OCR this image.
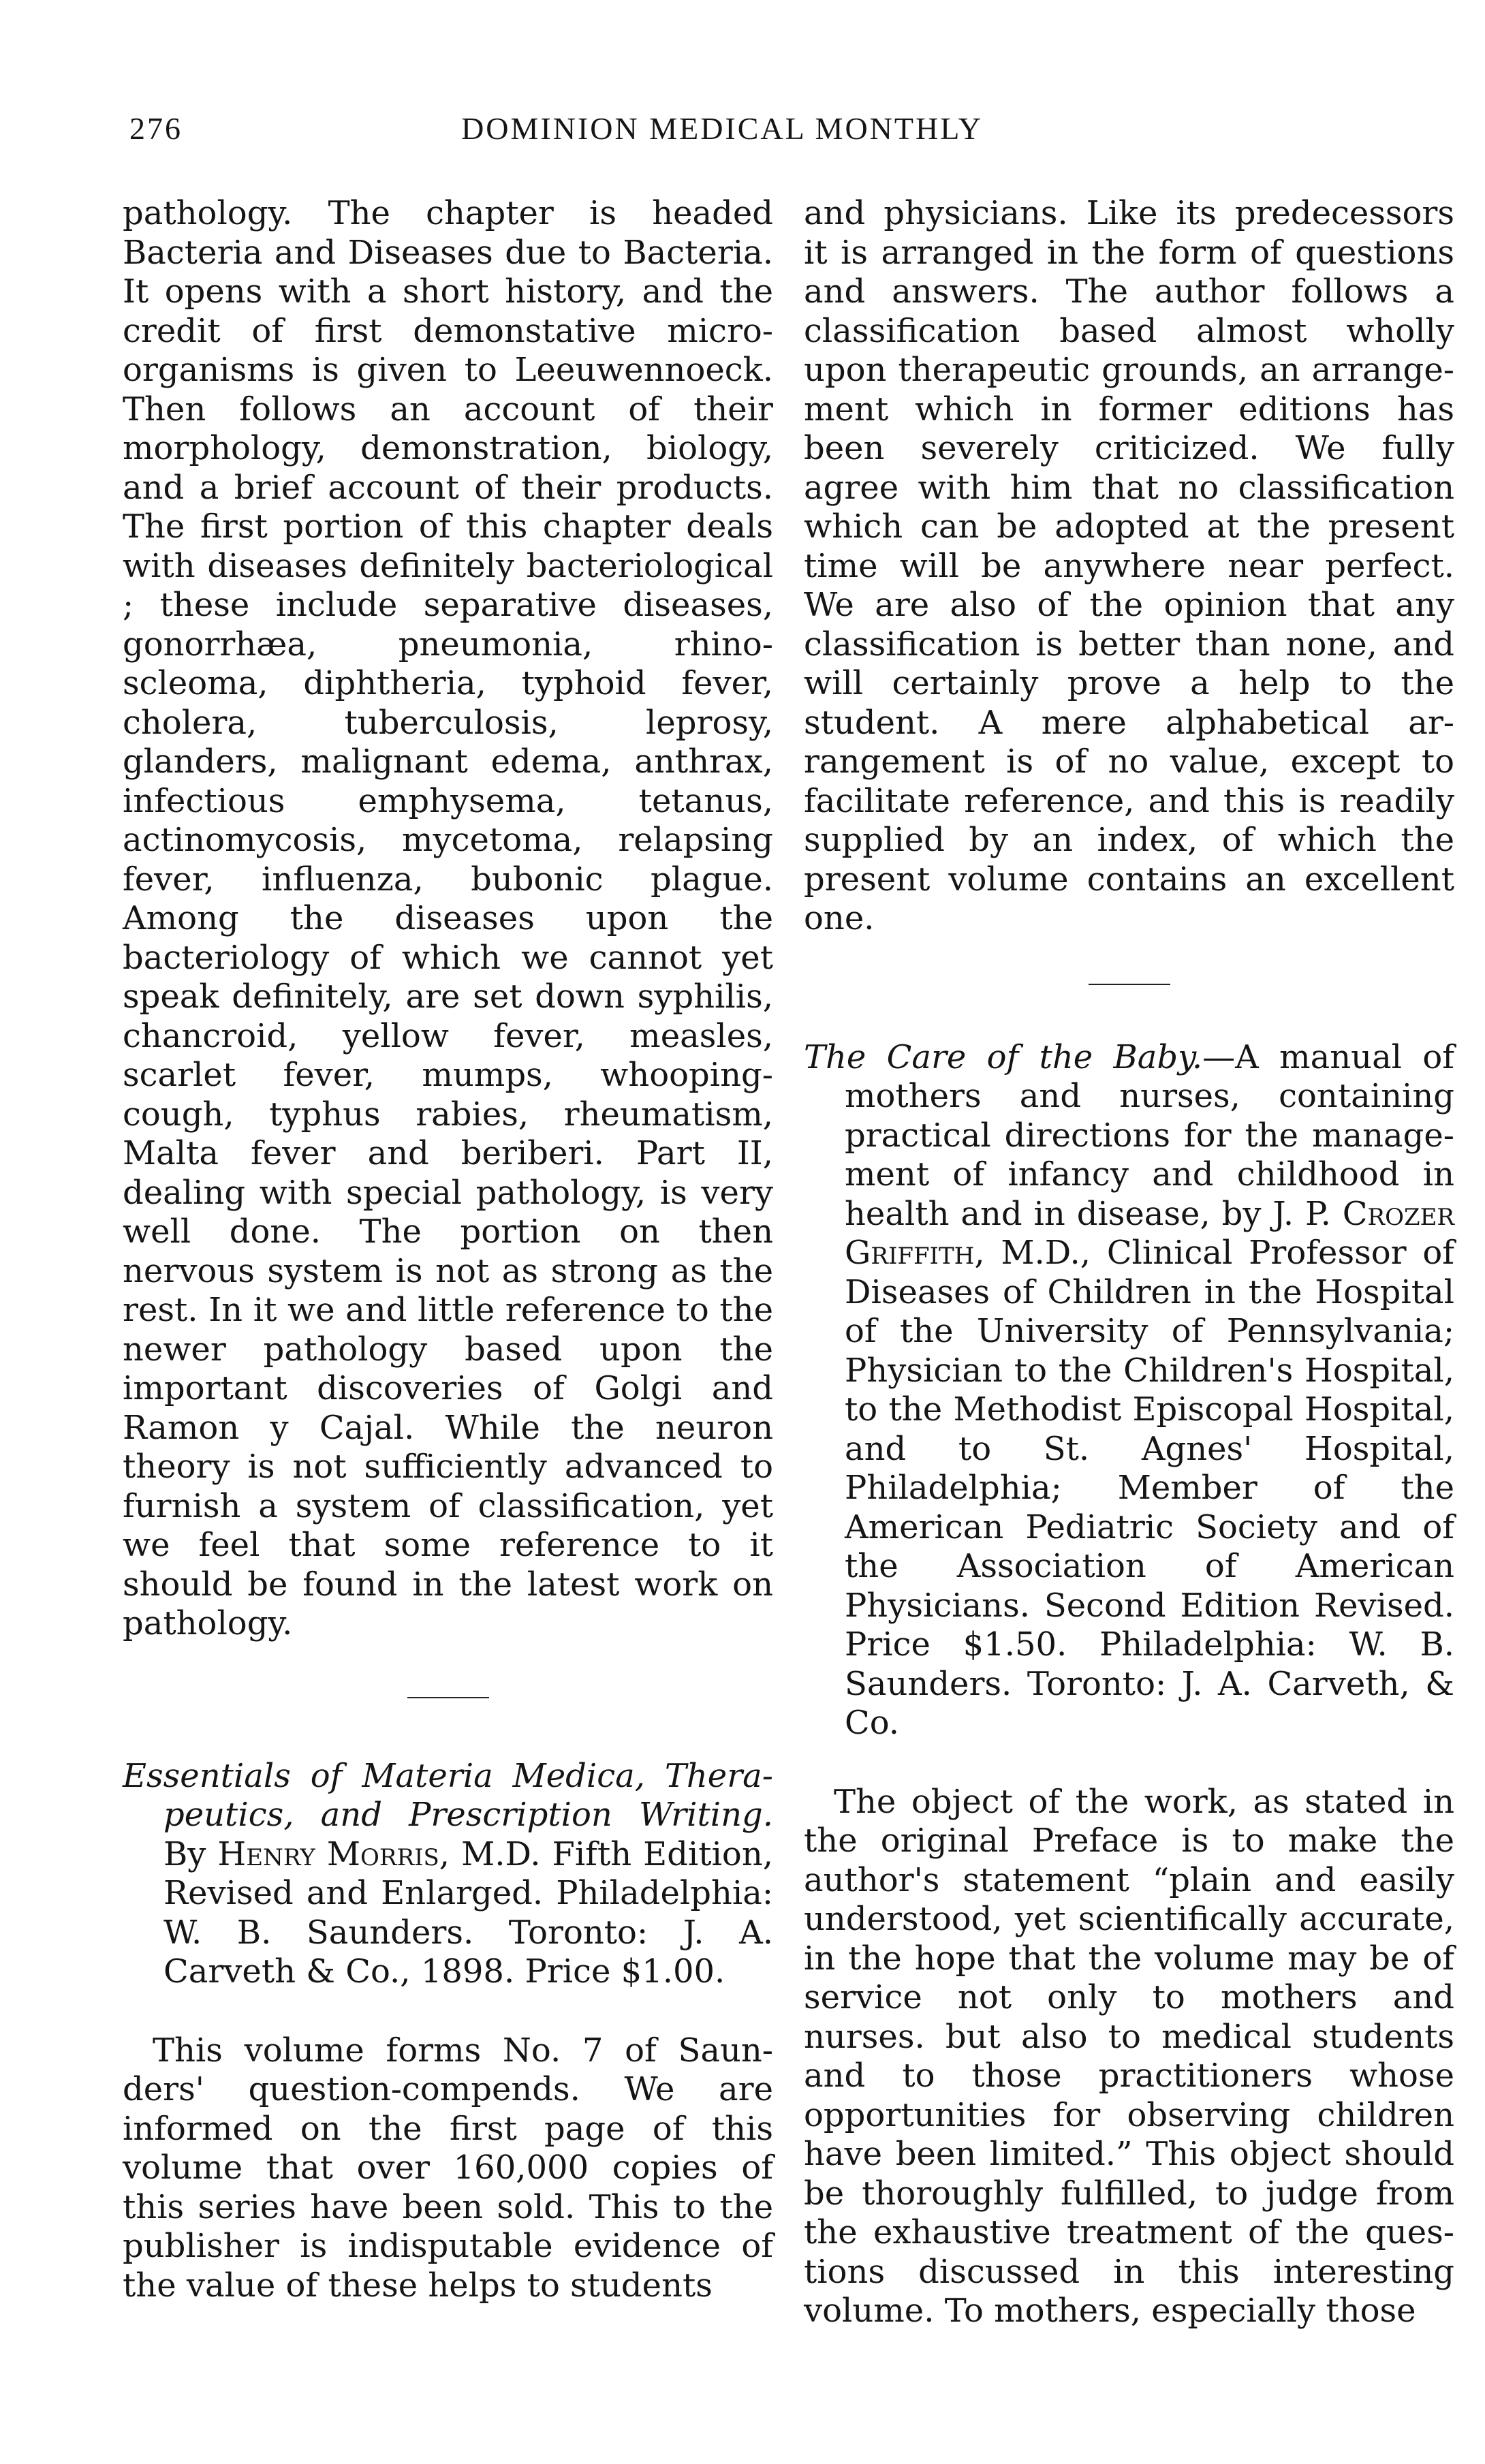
276	DOMINION MEDICAL MONTHLY

pathology. The chapter is headed Bacteria and Diseases due to Bacteria. It opens with a short history, and the credit of first demonstative microorganisms is given to Leeuwennoeck. Then follows an account of their morphology, demonstration, biology, and a brief account of their products. The first portion of this chapter deals with diseases definitely bacteriological ; these include separative diseases, gonorrhæa, pneumonia, rhino-scleoma, diphtheria, typhoid fever, cholera, tuberculosis, leprosy, glanders, malignant edema, anthrax, infectious emphysema, tetanus, actinomycosis, mycetoma, relapsing fever, influenza, bubonic plague. Among the diseases upon the bacteriology of which we cannot yet speak definitely, are set down syphilis, chancroid, yellow fever, measles, scarlet fever, mumps, whooping-cough, typhus rabies, rheumatism, Malta fever and beriberi. Part II, dealing with special pathology, is very well done. The portion on then nervous system is not as strong as the rest. In it we and little reference to the newer pathology based upon the important discoveries of Golgi and Ramon y Cajal. While the neuron theory is not sufficiently advanced to furnish a system of classification, yet we feel that some reference to it should be found in the latest work on pathology.

Essentials of Materia Medica, Therapeutics, and Prescription Writing. By Henry Morris, M.D. Fifth Edition, Revised and Enlarged. Philadelphia: W. B. Saunders. Toronto: J. A. Carveth & Co., 1898. Price $1.00.

This volume forms No. 7 of Saunders' question-compends. We are informed on the first page of this volume that over 160,000 copies of this series have been sold. This to the publisher is indisputable evidence of the value of these helps to students

and physicians. Like its predecessors it is arranged in the form of questions and answers. The author follows a classification based almost wholly upon therapeutic grounds, an arrangement which in former editions has been severely criticized. We fully agree with him that no classification which can be adopted at the present time will be anywhere near perfect. We are also of the opinion that any classification is better than none, and will certainly prove a help to the student. A mere alphabetical arrangement is of no value, except to facilitate reference, and this is readily supplied by an index, of which the present volume contains an excellent one.

The Care of the Baby.—A manual of mothers and nurses, containing practical directions for the management of infancy and childhood in health and in disease, by J. P. Crozer Griffith, M.D., Clinical Professor of Diseases of Children in the Hospital of the University of Pennsylvania; Physician to the Children's Hospital, to the Methodist Episcopal Hospital, and to St. Agnes' Hospital, Philadelphia; Member of the American Pediatric Society and of the Association of American Physicians. Second Edition Revised. Price $1.50. Philadelphia: W. B. Saunders. Toronto: J. A. Carveth, & Co.

The object of the work, as stated in the original Preface is to make the author's statement “plain and easily understood, yet scientifically accurate, in the hope that the volume may be of service not only to mothers and nurses. but also to medical students and to those practitioners whose opportunities for observing children have been limited.” This object should be thoroughly fulfilled, to judge from the exhaustive treatment of the questions discussed in this interesting volume. To mothers, especially those
